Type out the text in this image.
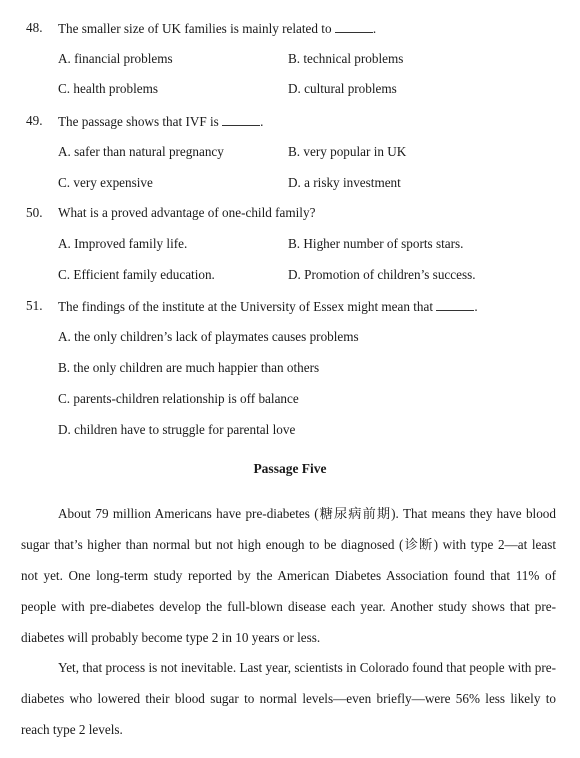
48. The smaller size of UK families is mainly related to	.
A. financial problems	B. technical problems
C. health problems	D. cultural problems
49. The passage shows that IVF is	.
A. safer than natural pregnancy	B. very popular in UK
C. very expensive	D. a risky investment
50. What is a proved advantage of one-child family?
A. Improved family life.	B. Higher number of sports stars.
C. Efficient family education.	D. Promotion of children’s success.
51. The findings of the institute at the University of Essex might mean that	.
A. the only children’s lack of playmates causes problems
B. the only children are much happier than others
C. parents-children relationship is off balance
D. children have to struggle for parental love
Passage Five
About 79 million Americans have pre-diabetes (糖尿病前期). That means they have blood
sugar that’s higher than normal but not high enough to be diagnosed (诊断) with type 2—at least
not yet. One long-term study reported by the American Diabetes Association found that 11% of
people with pre-diabetes develop the full-blown disease each year. Another study shows that pre-
diabetes will probably become type 2 in 10 years or less.
Yet, that process is not inevitable. Last year, scientists in Colorado found that people with pre-
diabetes who lowered their blood sugar to normal levels—even briefly—were 56% less likely to
reach type 2 levels.
